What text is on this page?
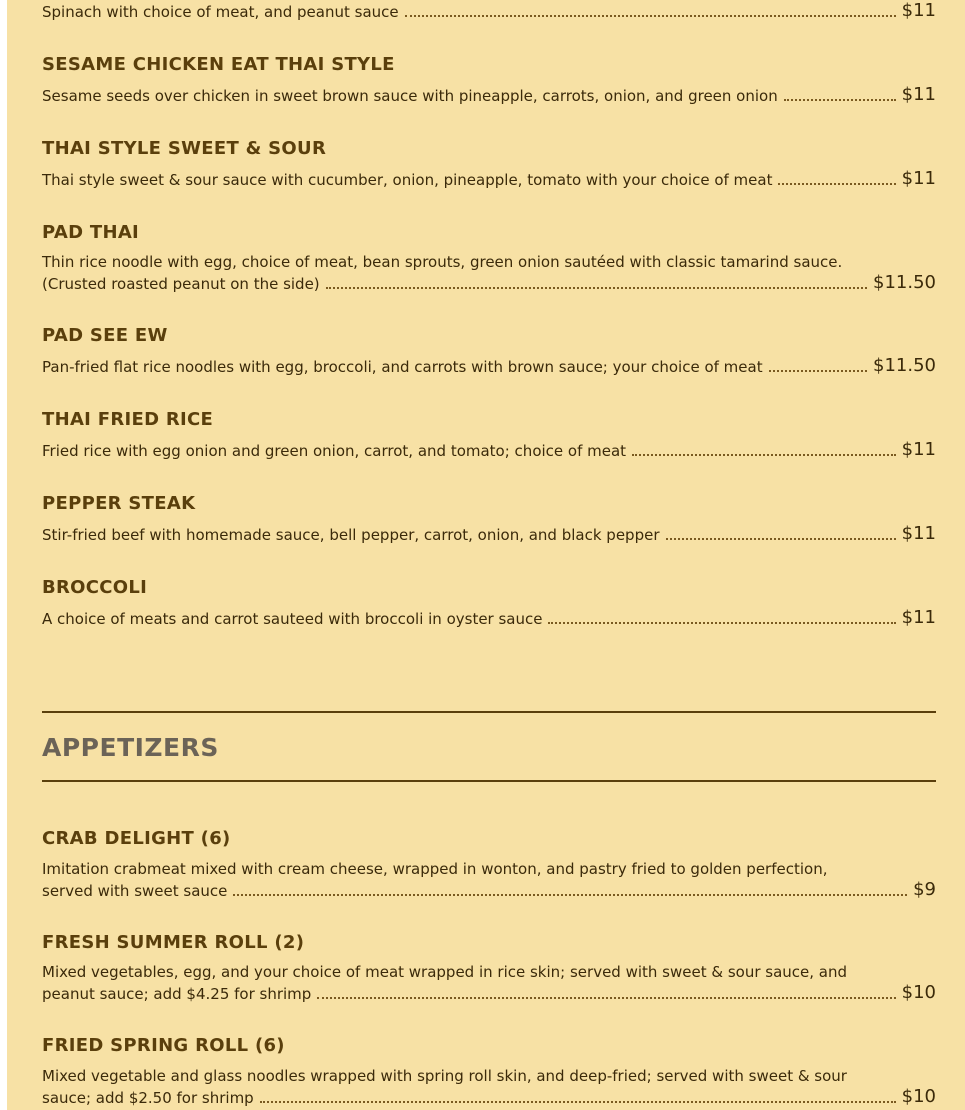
Spinach with choice of meat, and peanut sauce	$11
SESAME CHICKEN EAT THAI STYLE
Sesame seeds over chicken in sweet brown sauce with pineapple, carrots, onion, and green onion	$11
THAI STYLE SWEET & SOUR
Thai style sweet & sour sauce with cucumber, onion, pineapple, tomato with your choice of meat	$11
PAD THAI
Thin rice noodle with egg, choice of meat, bean sprouts, green onion sautéed with classic tamarind sauce.
(Crusted roasted peanut on the side)	$11.50
PAD SEE EW
Pan-fried flat rice noodles with egg, broccoli, and carrots with brown sauce; your choice of meat	$11.50
THAI FRIED RICE
Fried rice with egg onion and green onion, carrot, and tomato; choice of meat	$11
PEPPER STEAK
Stir-fried beef with homemade sauce, bell pepper, carrot, onion, and black pepper	$11
BROCCOLI
A choice of meats and carrot sauteed with broccoli in oyster sauce	$11
APPETIZERS
CRAB DELIGHT (6)
Imitation crabmeat mixed with cream cheese, wrapped in wonton, and pastry fried to golden perfection,
served with sweet sauce	$9
FRESH SUMMER ROLL (2)
Mixed vegetables, egg, and your choice of meat wrapped in rice skin; served with sweet & sour sauce, and
peanut sauce; add $4.25 for shrimp	$10
FRIED SPRING ROLL (6)
Mixed vegetable and glass noodles wrapped with spring roll skin, and deep-fried; served with sweet & sour
sauce; add $2.50 for shrimp	$10
